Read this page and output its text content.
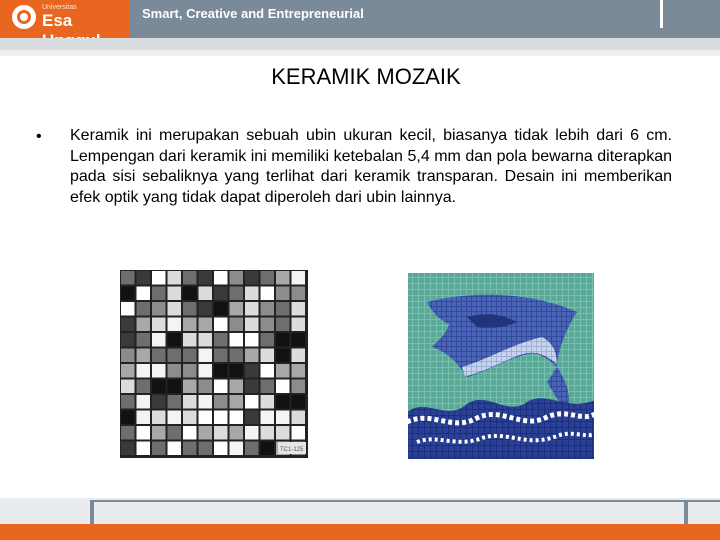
Universitas
Esa	Smart, Creative and Entrepreneurial
KERAMIK MOZAIK
• Keramik ini merupakan sebuah ubin ukuran kecil, biasanya tidak lebih dari 6 cm. Lempengan dari keramik ini memiliki ketebalan 5,4 mm dan pola bewarna diterapkan pada sisi sebaliknya yang terlihat dari keramik transparan. Desain ini memberikan efek optik yang tidak dapat diperoleh dari ubin lainnya.
TC1-125
